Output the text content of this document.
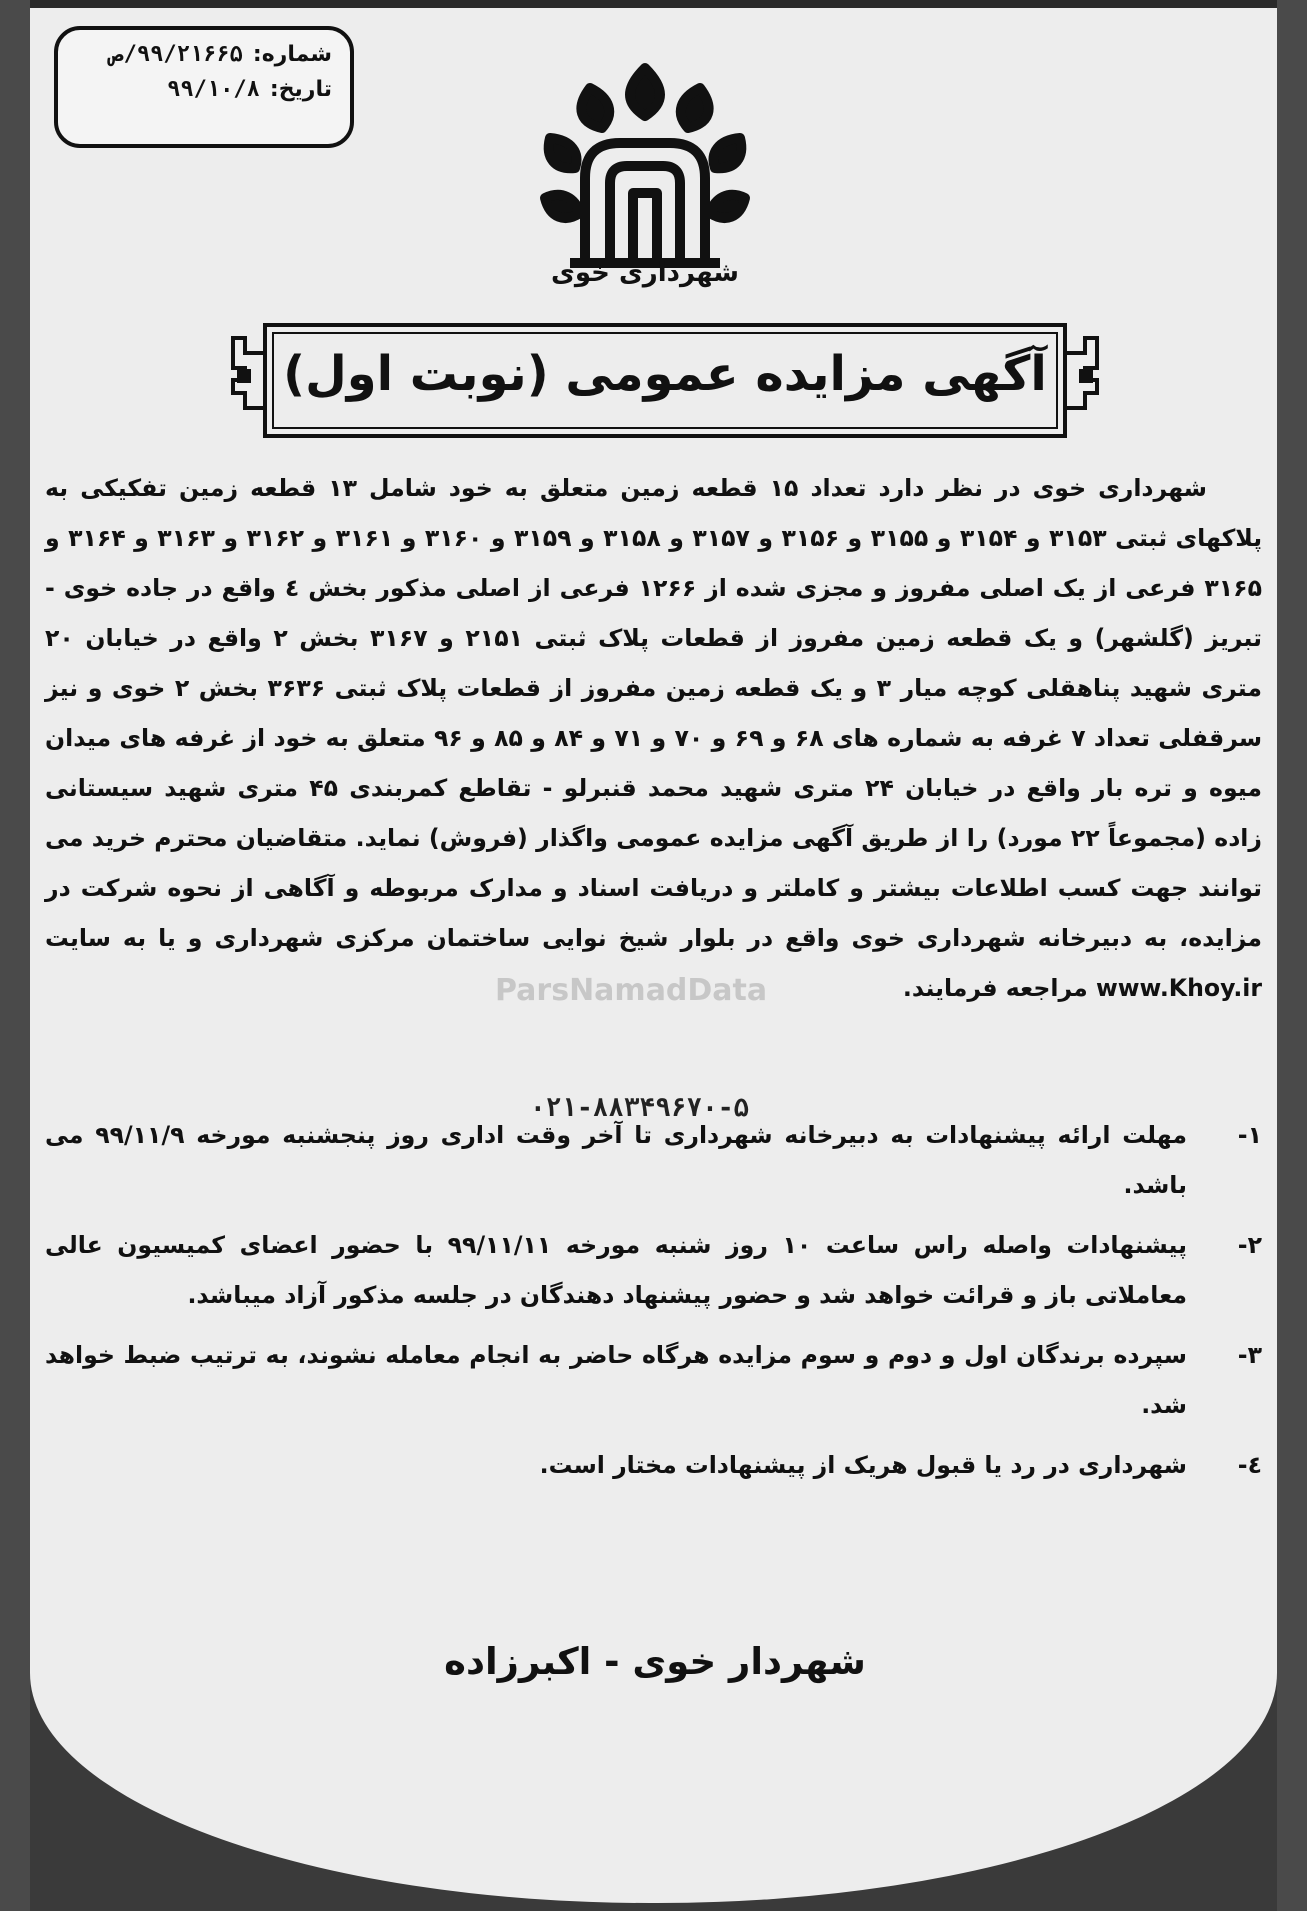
شماره:
۹۹/۲۱۶۶۵/ص
تاریخ:
۹۹/۱۰/۸
شهرداری خوی
آگهی مزایده عمومی (نوبت اول)

شهرداری خوی در نظر دارد تعداد ۱۵ قطعه زمین متعلق به خود شامل ۱۳ قطعه زمین تفکیکی به پلاکهای ثبتی ۳۱۵۳ و ۳۱۵۴ و ۳۱۵۵ و ۳۱۵۶ و ۳۱۵۷ و ۳۱۵۸ و ۳۱۵۹ و ۳۱۶۰ و ۳۱۶۱ و ۳۱۶۲ و ۳۱۶۳ و ۳۱۶۴ و ۳۱۶۵ فرعی از یک اصلی مفروز و مجزی شده از ۱۲۶۶ فرعی از اصلی مذکور بخش ٤ واقع در جاده خوی - تبریز (گلشهر) و یک قطعه زمین مفروز از قطعات پلاک ثبتی ۲۱۵۱ و ۳۱۶۷ بخش ۲ واقع در خیابان ۲۰ متری شهید پناهقلی کوچه میار ۳ و یک قطعه زمین مفروز از قطعات پلاک ثبتی ۳۶۳۶ بخش ۲ خوی و نیز سرقفلی تعداد ۷ غرفه به شماره های ۶۸ و ۶۹ و ۷۰ و ۷۱ و ۸۴ و ۸۵ و ۹۶ متعلق به خود از غرفه های میدان میوه و تره بار واقع در خیابان ۲۴ متری شهید محمد قنبرلو - تقاطع کمربندی ۴۵ متری شهید سیستانی زاده (مجموعاً ۲۲ مورد) را از طریق آگهی مزایده عمومی واگذار (فروش) نماید. متقاضیان محترم خرید می توانند جهت کسب اطلاعات بیشتر و کاملتر و دریافت اسناد و مدارک مربوطه و آگاهی از نحوه شرکت در مزایده، به دبیرخانه شهرداری خوی واقع در بلوار شیخ نوایی ساختمان مرکزی شهرداری و یا به سایت www.Khoy.ir مراجعه فرمایند.

۱-
مهلت ارائه پیشنهادات به دبیرخانه شهرداری تا آخر وقت اداری روز پنجشنبه مورخه ۹۹/۱۱/۹ می باشد.
۲-
پیشنهادات واصله راس ساعت ۱۰ روز شنبه مورخه ۹۹/۱۱/۱۱ با حضور اعضای کمیسیون عالی معاملاتی باز و قرائت خواهد شد و حضور پیشنهاد دهندگان در جلسه مذکور آزاد میباشد.
۳-
سپرده برندگان اول و دوم و سوم مزایده هرگاه حاضر به انجام معامله نشوند، به ترتیب ضبط خواهد شد.
٤-
شهرداری در رد یا قبول هریک از پیشنهادات مختار است.
ParsNamadData
۰۲۱-۸۸۳۴۹۶۷۰-۵
شهردار خوی - اکبرزاده
